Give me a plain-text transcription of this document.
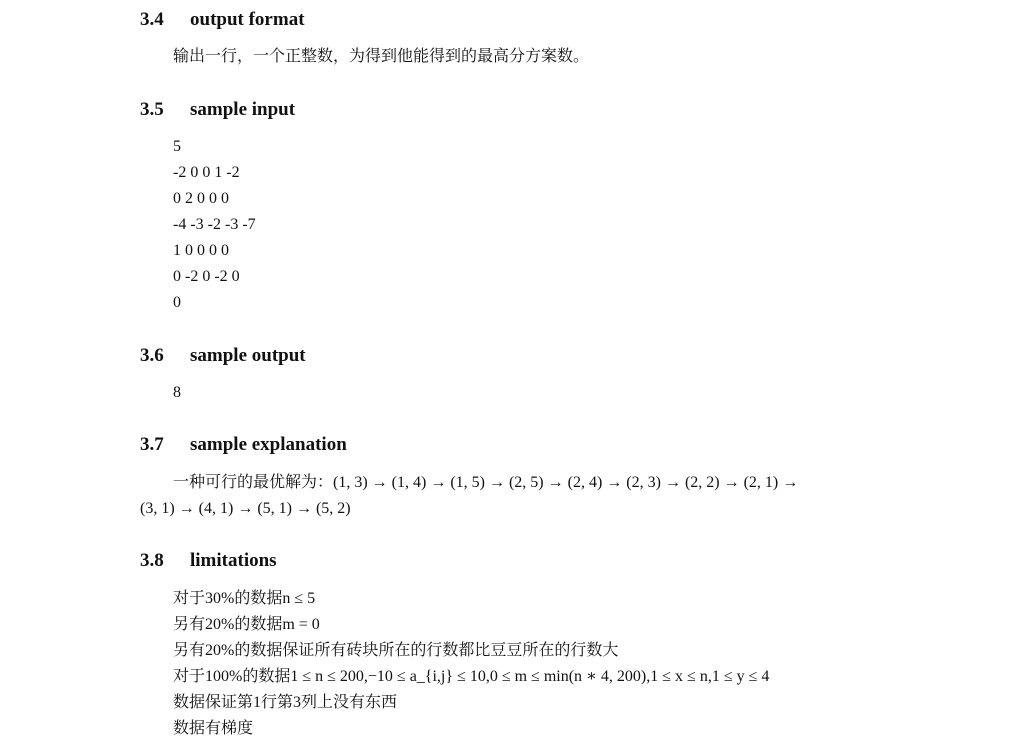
3.4 output format

输出一行，一个正整数，为得到他能得到的最高分方案数。

3.5 sample input

5

-2 0 0 1 -2

0 2 0 0 0

-4 -3 -2 -3 -7

1 0 0 0 0

0 -2 0 -2 0

0

3.6 sample output

8

3.7 sample explanation

一种可行的最优解为：(1, 3) → (1, 4) → (1, 5) → (2, 5) → (2, 4) → (2, 3) → (2, 2) → (2, 1) →

(3, 1) → (4, 1) → (5, 1) → (5, 2)

3.8 limitations

对于30%的数据n ≤ 5

另有20%的数据m = 0

另有20%的数据保证所有砖块所在的行数都比豆豆所在的行数大

对于100%的数据1 ≤ n ≤ 200,−10 ≤ a_{i,j} ≤ 10,0 ≤ m ≤ min(n ∗ 4, 200),1 ≤ x ≤ n,1 ≤ y ≤ 4

数据保证第1行第3列上没有东西

数据有梯度
